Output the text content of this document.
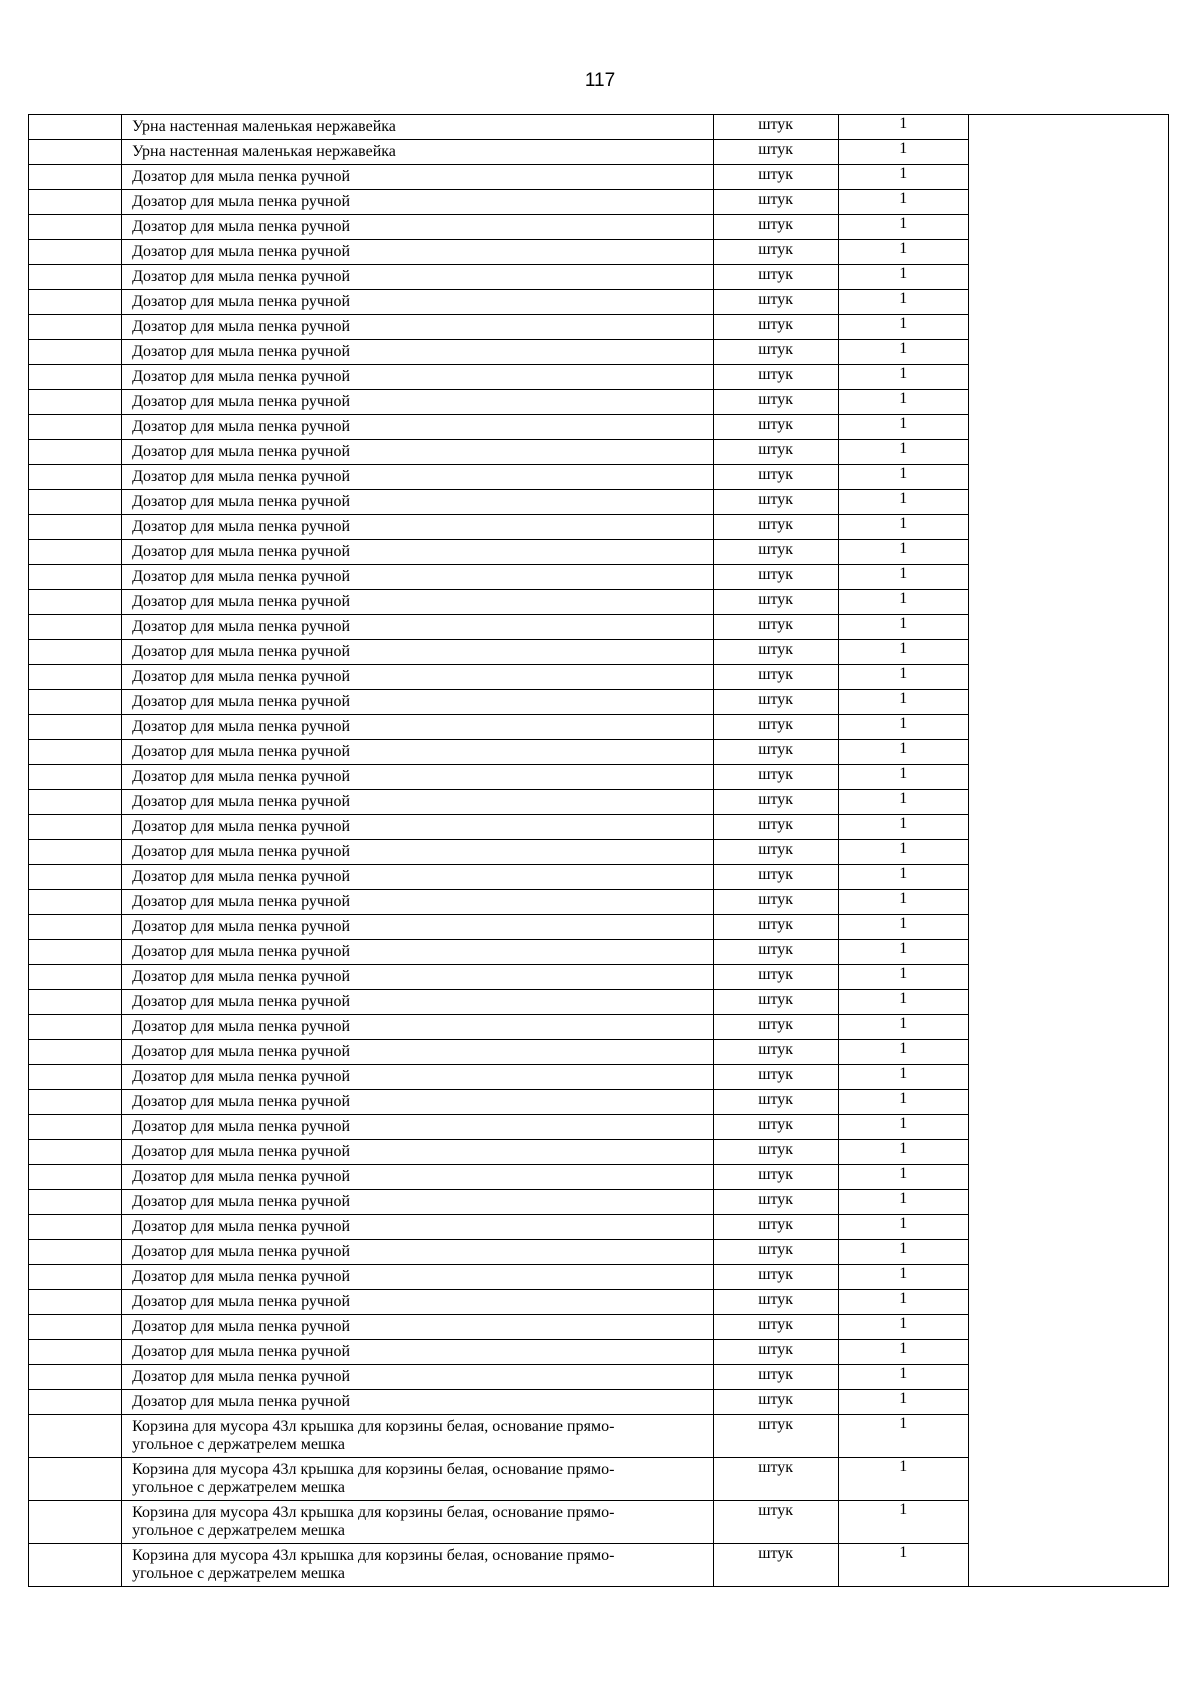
117
	Урна настенная маленькая нержавейка	штук	1	
	Урна настенная маленькая нержавейка	штук	1	
	Дозатор для мыла пенка ручной	штук	1	
	Дозатор для мыла пенка ручной	штук	1	
	Дозатор для мыла пенка ручной	штук	1	
	Дозатор для мыла пенка ручной	штук	1	
	Дозатор для мыла пенка ручной	штук	1	
	Дозатор для мыла пенка ручной	штук	1	
	Дозатор для мыла пенка ручной	штук	1	
	Дозатор для мыла пенка ручной	штук	1	
	Дозатор для мыла пенка ручной	штук	1	
	Дозатор для мыла пенка ручной	штук	1	
	Дозатор для мыла пенка ручной	штук	1	
	Дозатор для мыла пенка ручной	штук	1	
	Дозатор для мыла пенка ручной	штук	1	
	Дозатор для мыла пенка ручной	штук	1	
	Дозатор для мыла пенка ручной	штук	1	
	Дозатор для мыла пенка ручной	штук	1	
	Дозатор для мыла пенка ручной	штук	1	
	Дозатор для мыла пенка ручной	штук	1	
	Дозатор для мыла пенка ручной	штук	1	
	Дозатор для мыла пенка ручной	штук	1	
	Дозатор для мыла пенка ручной	штук	1	
	Дозатор для мыла пенка ручной	штук	1	
	Дозатор для мыла пенка ручной	штук	1	
	Дозатор для мыла пенка ручной	штук	1	
	Дозатор для мыла пенка ручной	штук	1	
	Дозатор для мыла пенка ручной	штук	1	
	Дозатор для мыла пенка ручной	штук	1	
	Дозатор для мыла пенка ручной	штук	1	
	Дозатор для мыла пенка ручной	штук	1	
	Дозатор для мыла пенка ручной	штук	1	
	Дозатор для мыла пенка ручной	штук	1	
	Дозатор для мыла пенка ручной	штук	1	
	Дозатор для мыла пенка ручной	штук	1	
	Дозатор для мыла пенка ручной	штук	1	
	Дозатор для мыла пенка ручной	штук	1	
	Дозатор для мыла пенка ручной	штук	1	
	Дозатор для мыла пенка ручной	штук	1	
	Дозатор для мыла пенка ручной	штук	1	
	Дозатор для мыла пенка ручной	штук	1	
	Дозатор для мыла пенка ручной	штук	1	
	Дозатор для мыла пенка ручной	штук	1	
	Дозатор для мыла пенка ручной	штук	1	
	Дозатор для мыла пенка ручной	штук	1	
	Дозатор для мыла пенка ручной	штук	1	
	Дозатор для мыла пенка ручной	штук	1	
	Дозатор для мыла пенка ручной	штук	1	
	Дозатор для мыла пенка ручной	штук	1	
	Дозатор для мыла пенка ручной	штук	1	
	Дозатор для мыла пенка ручной	штук	1	
	Дозатор для мыла пенка ручной	штук	1	

	Корзина для мусора 43л крышка для корзины белая, основание прямо-
угольное с держатрелем мешка	штук	1	

	Корзина для мусора 43л крышка для корзины белая, основание прямо-
угольное с держатрелем мешка	штук	1	

	Корзина для мусора 43л крышка для корзины белая, основание прямо-
угольное с держатрелем мешка	штук	1	

	Корзина для мусора 43л крышка для корзины белая, основание прямо-
угольное с держатрелем мешка	штук	1	
